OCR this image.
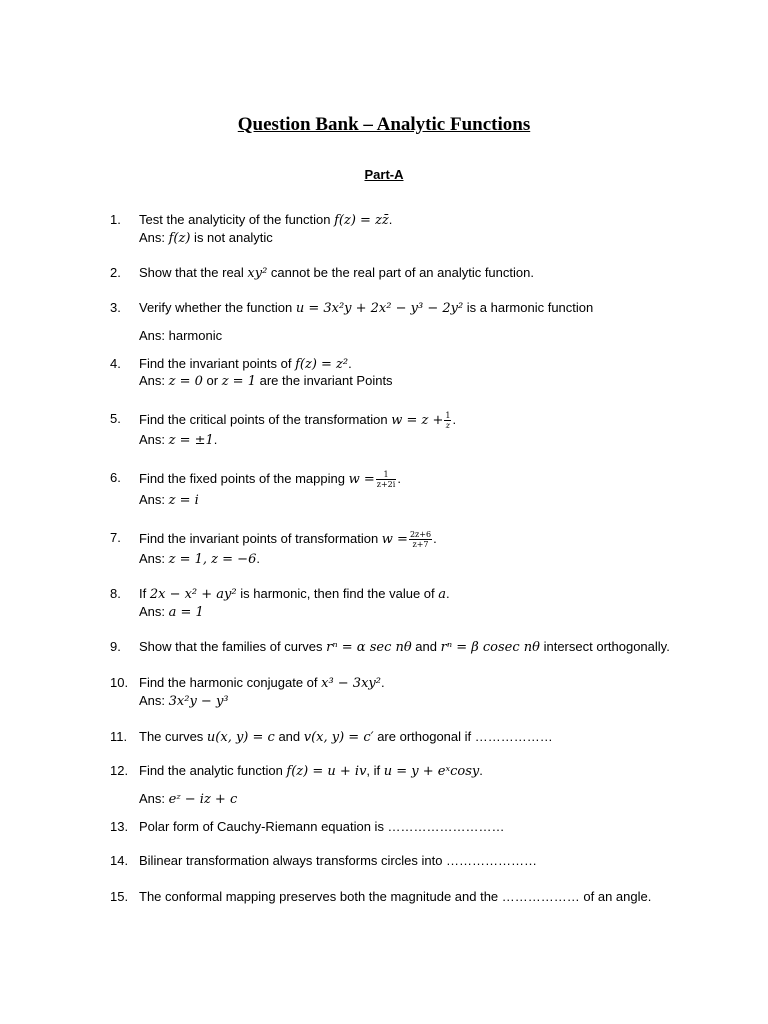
Question Bank – Analytic Functions
Part-A
1. Test the analyticity of the function f(z) = zz̄.
Ans: f(z) is not analytic
2. Show that the real xy² cannot be the real part of an analytic function.
3. Verify whether the function u = 3x²y + 2x² − y³ − 2y² is a harmonic function
Ans: harmonic
4. Find the invariant points of f(z) = z².
Ans: z = 0 or z = 1 are the invariant Points
5. Find the critical points of the transformation $w = z + \frac{1}{z}$ .
Ans: z = ±1.
6. Find the fixed points of the mapping $w = \frac{1}{z+2i}$ .
Ans: z = i
7. Find the invariant points of transformation $w = \frac{2z+6}{z+7}$ .
Ans: z = 1, z = −6.
8. If 2x − x² + ay² is harmonic, then find the value of a.
Ans: a = 1
9. Show that the families of curves rⁿ = α sec nθ and rⁿ = β cosec nθ intersect orthogonally.
10. Find the harmonic conjugate of x³ − 3xy².
Ans: 3x²y − y³
11. The curves u(x, y) = c and v(x, y) = c′ are orthogonal if ………………
12. Find the analytic function f(z) = u + iv, if u = y + eˣcosy.
Ans: eᶻ − iz + c
13. Polar form of Cauchy-Riemann equation is ………………………
14. Bilinear transformation always transforms circles into …………………
15. The conformal mapping preserves both the magnitude and the ……………… of an angle.
